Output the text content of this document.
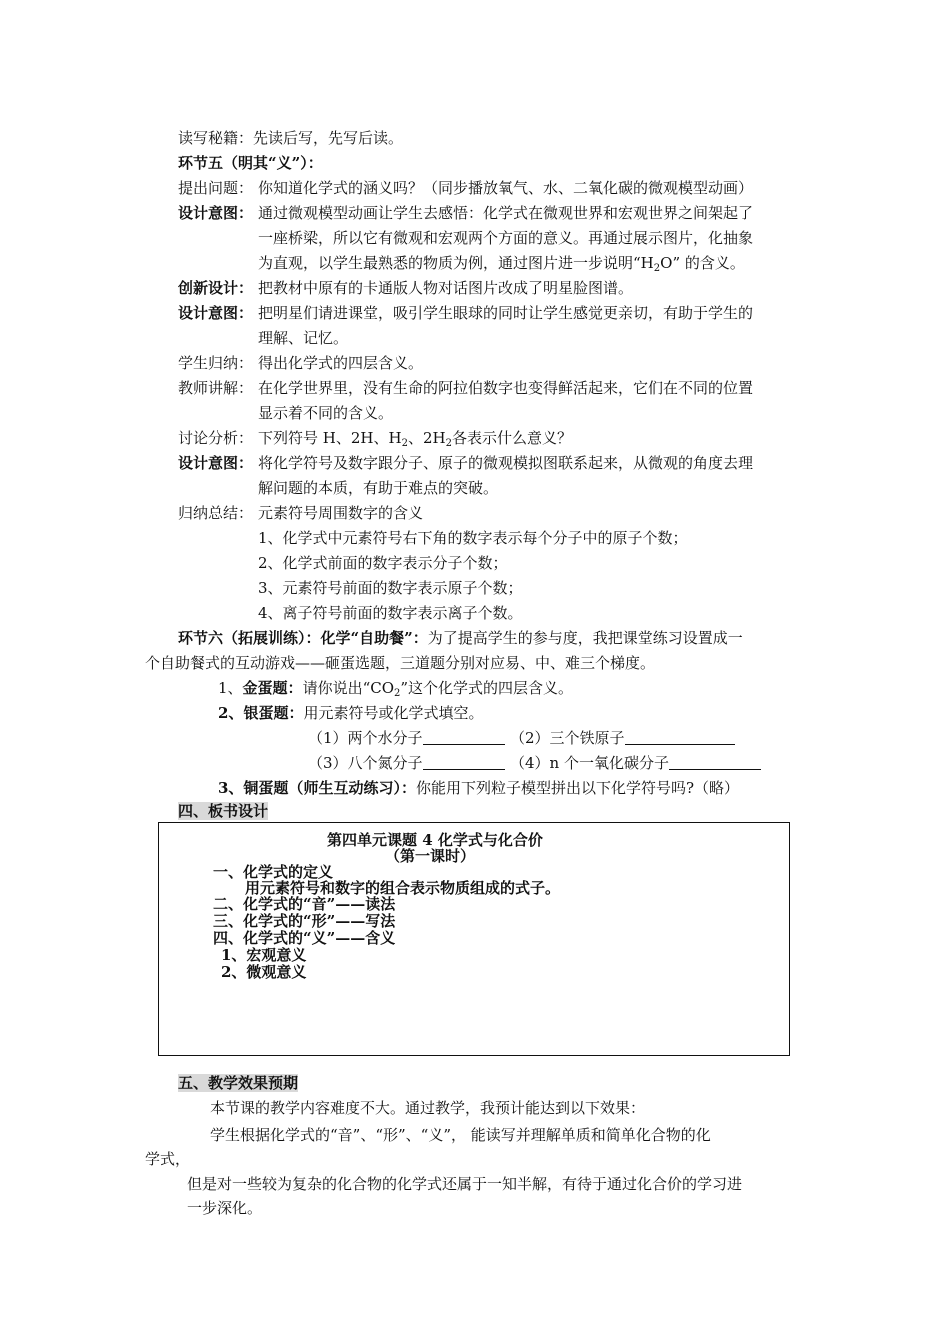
读写秘籍：先读后写，先写后读。
环节五（明其“义”）：
提出问题： 你知道化学式的涵义吗？（同步播放氧气、水、二氧化碳的微观模型动画）
设计意图： 通过微观模型动画让学生去感悟：化学式在微观世界和宏观世界之间架起了
一座桥梁，所以它有微观和宏观两个方面的意义。再通过展示图片，化抽象
为直观，以学生最熟悉的物质为例，通过图片进一步说明“$H_2O$” 的含义。
创新设计： 把教材中原有的卡通版人物对话图片改成了明星脸图谱。
设计意图： 把明星们请进课堂，吸引学生眼球的同时让学生感觉更亲切，有助于学生的
理解、记忆。
学生归纳： 得出化学式的四层含义。
教师讲解： 在化学世界里，没有生命的阿拉伯数字也变得鲜活起来，它们在不同的位置
显示着不同的含义。
讨论分析： 下列符号 H、2H、$H_2$、$2H_2$各表示什么意义？
设计意图： 将化学符号及数字跟分子、原子的微观模拟图联系起来，从微观的角度去理
解问题的本质，有助于难点的突破。
归纳总结： 元素符号周围数字的含义
1、化学式中元素符号右下角的数字表示每个分子中的原子个数；
2、化学式前面的数字表示分子个数；
3、元素符号前面的数字表示原子个数；
4、离子符号前面的数字表示离子个数。
环节六（拓展训练）：化学“自助餐”：为了提高学生的参与度，我把课堂练习设置成一
个自助餐式的互动游戏——砸蛋选题，三道题分别对应易、中、难三个梯度。
1、金蛋题：请你说出“$CO_2$”这个化学式的四层含义。
2、银蛋题：用元素符号或化学式填空。
（1）两个水分子	（2）三个铁原子
（3）八个氮分子	（4）n 个一氧化碳分子
3、铜蛋题（师生互动练习）：你能用下列粒子模型拼出以下化学符号吗?（略）
四、板书设计
第四单元课题 4 化学式与化合价
（第一课时）
一、化学式的定义
用元素符号和数字的组合表示物质组成的式子。
二、化学式的“音”——读法
三、化学式的“形”——写法
四、化学式的“义”——含义
1、宏观意义
2、微观意义
五、教学效果预期
本节课的教学内容难度不大。通过教学，我预计能达到以下效果：
学生根据化学式的“音”、“形”、“义”， 能读写并理解单质和简单化合物的化
学式，
但是对一些较为复杂的化合物的化学式还属于一知半解，有待于通过化合价的学习进
一步深化。
